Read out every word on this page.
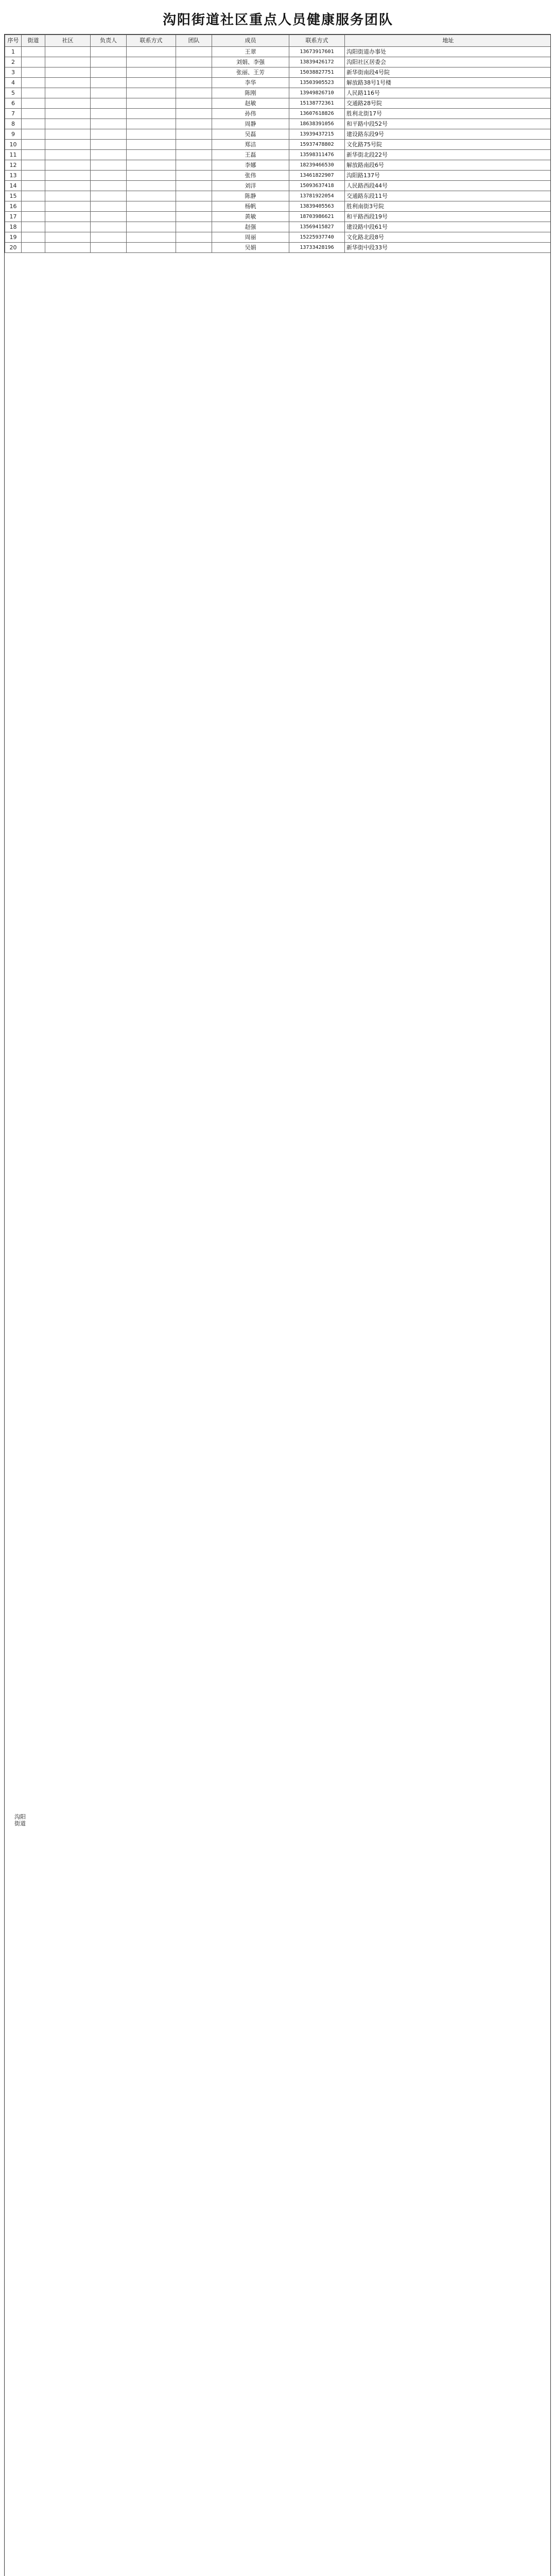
沟阳街道社区重点人员健康服务团队
序号	街道	社区	负责人	联系方式	团队	成员	联系方式	地址
1						王翠	13673917601	沟阳街道办事处
2						刘娟、李强	13839426172	沟阳社区居委会
3						张丽、王芳	15038827751	新华街南段4号院
4						李华	13503905523	解放路38号1号楼
5						陈刚	13949826710	人民路116号
6						赵敏	15138772361	交通路28号院
7						孙伟	13607618826	胜利北街17号
8						周静	18638391056	和平路中段52号
9						吴磊	13939437215	建设路东段9号
10						郑洁	15937478802	文化路75号院
11						王磊	13598311476	新华街北段22号
12						李娜	18239466530	解放路南段6号
13						张伟	13461822907	沟阳路137号
14						刘洋	15093637418	人民路西段44号
15						陈静	13781922054	交通路东段11号
16						杨帆	13839405563	胜利南街3号院
17						黄敏	18703986621	和平路西段19号
18						赵强	13569415827	建设路中段61号
19						周丽	15225937740	文化路北段8号
20						吴娟	13733428196	新华街中段33号
沟阳街道
